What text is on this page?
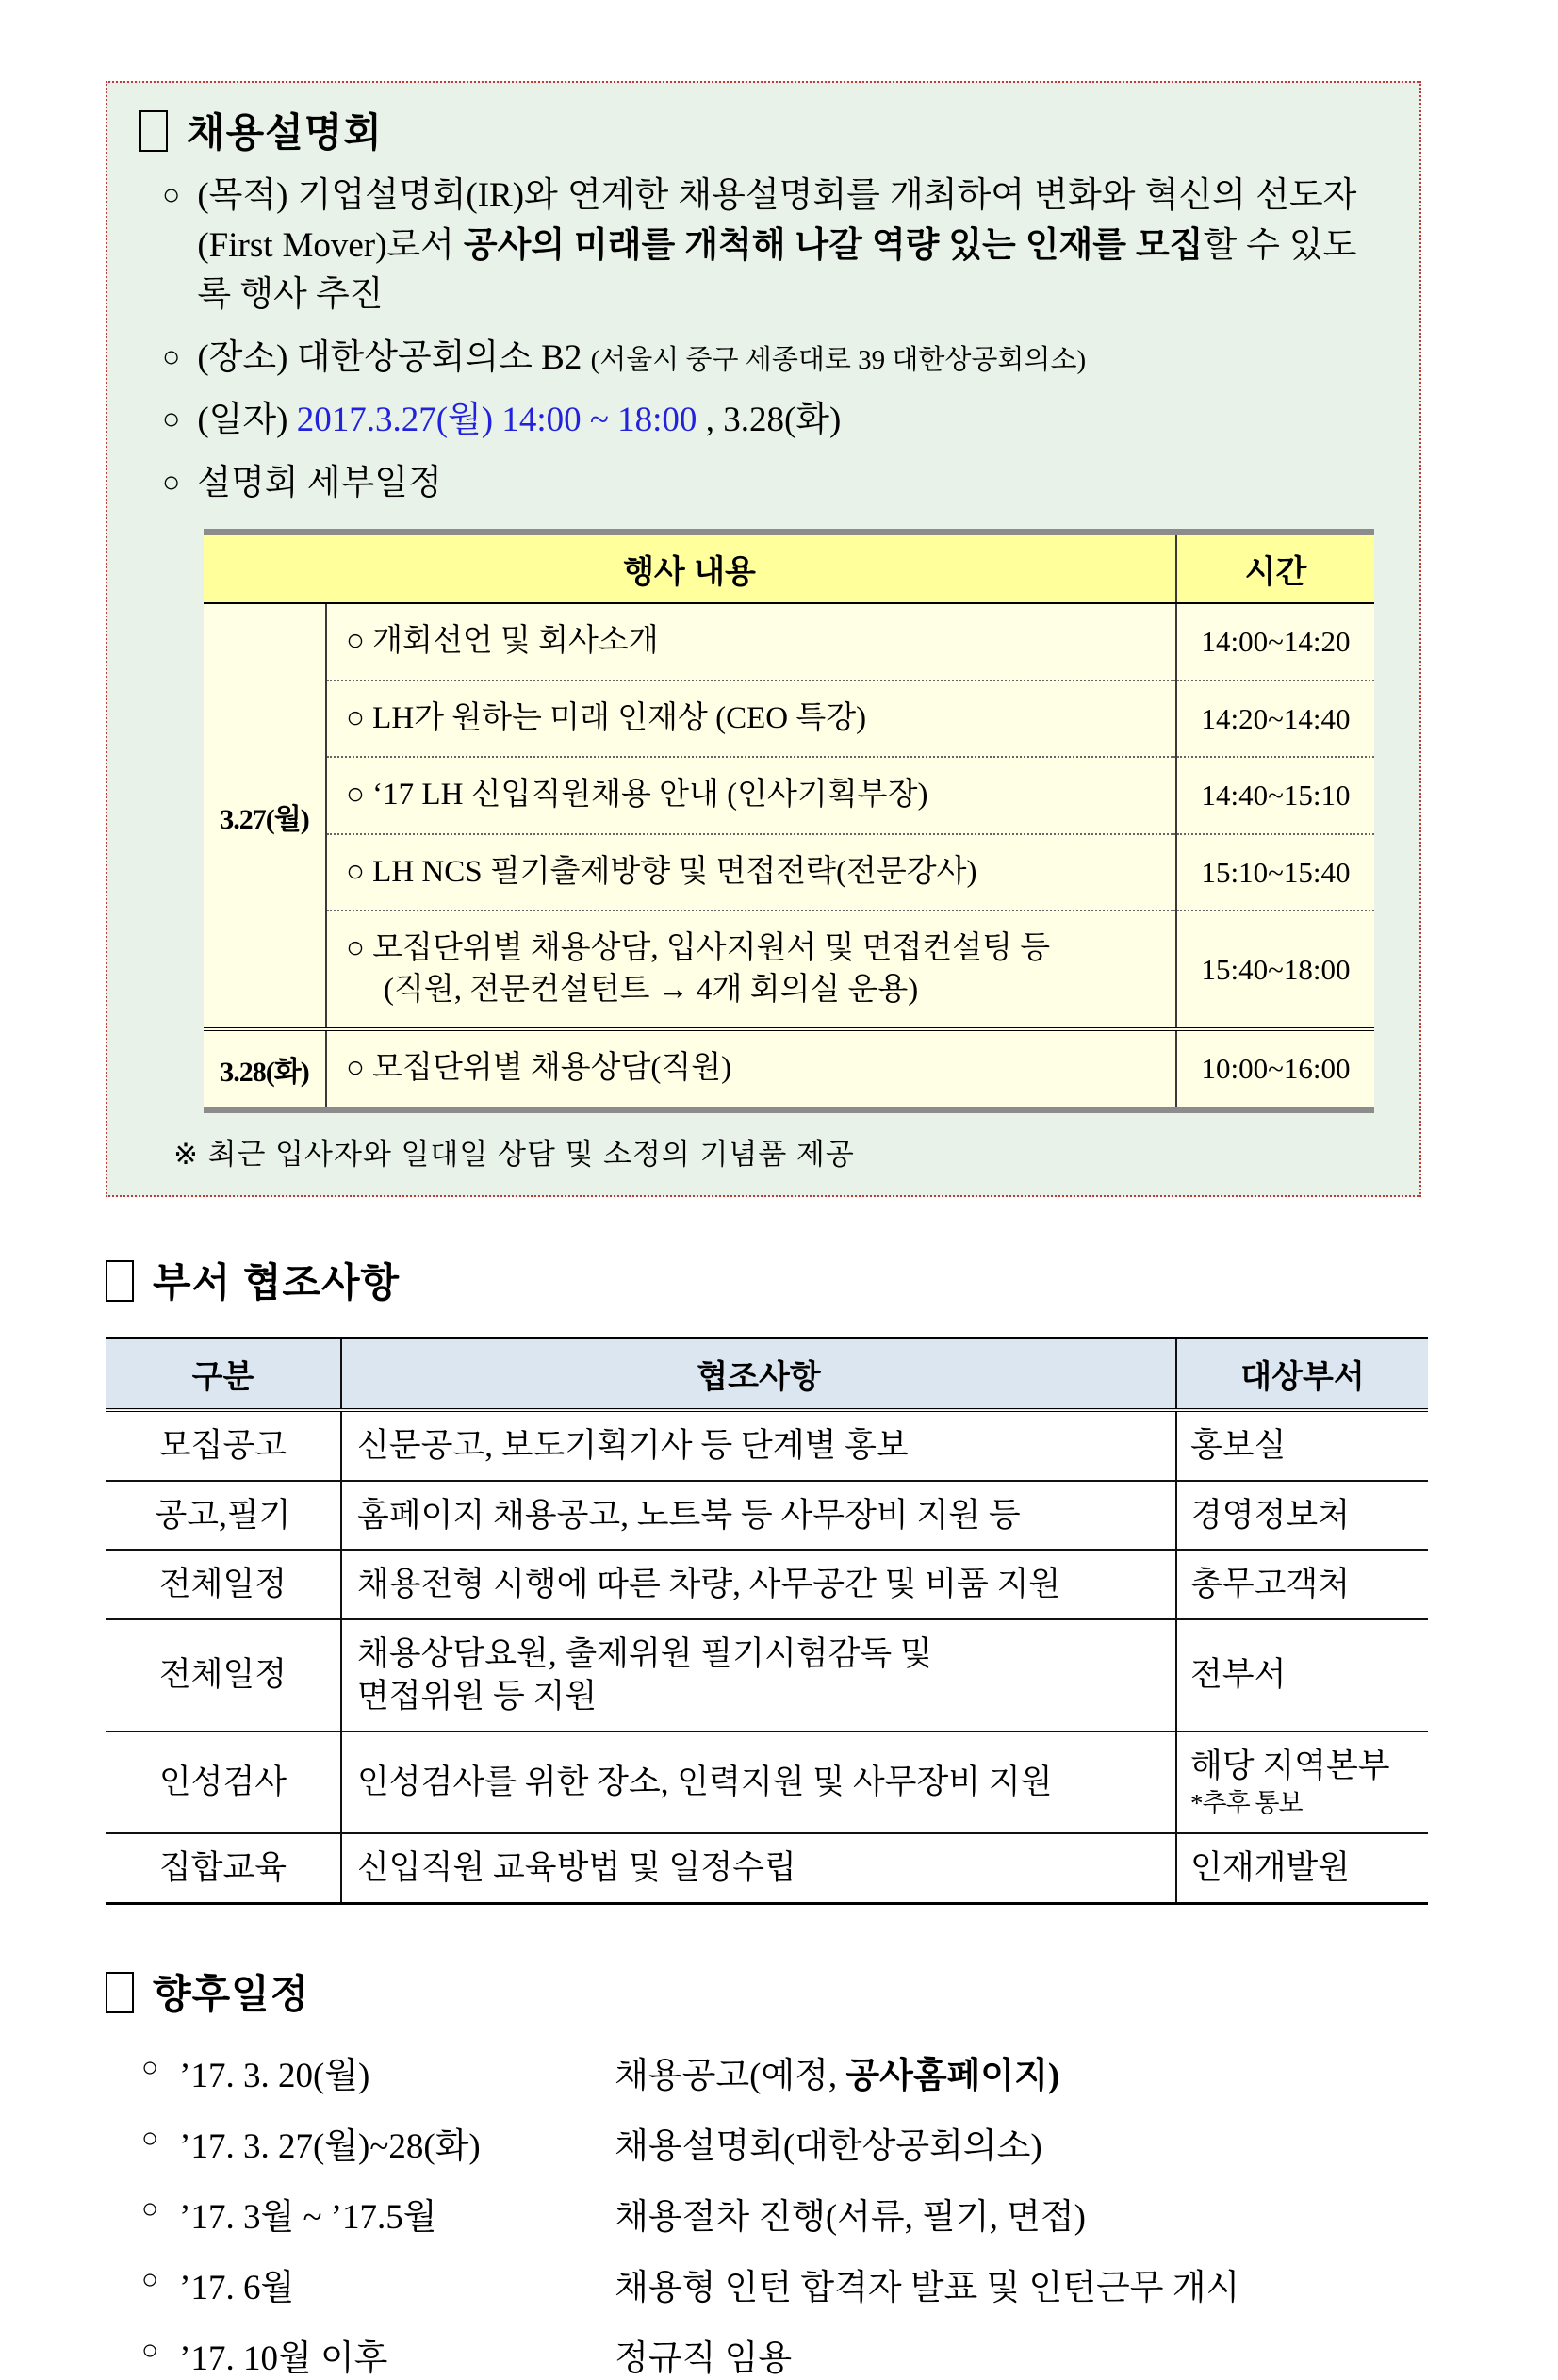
채용설명회
○ (목적) 기업설명회(IR)와 연계한 채용설명회를 개최하여 변화와 혁신의 선도자(First Mover)로서 공사의 미래를 개척해 나갈 역량 있는 인재를 모집할 수 있도록 행사 추진
○ (장소) 대한상공회의소 B2 (서울시 중구 세종대로 39 대한상공회의소)
○ (일자) 2017.3.27(월) 14:00 ~ 18:00 , 3.28(화)
○ 설명회 세부일정
행사 내용		시간
3.27(월)	○ 개회선언 및 회사소개	14:00~14:20
	○ LH가 원하는 미래 인재상 (CEO 특강)	14:20~14:40
	○ ‘17 LH 신입직원채용 안내 (인사기획부장)	14:40~15:10
	○ LH NCS 필기출제방향 및 면접전략(전문강사)	15:10~15:40

	○ 모집단위별 채용상담, 입사지원서 및 면접컨설팅 등
(직원, 전문컨설턴트 → 4개 회의실 운용)	15:40~18:00
3.28(화)	○ 모집단위별 채용상담(직원)	10:00~16:00
※ 최근 입사자와 일대일 상담 및 소정의 기념품 제공
부서 협조사항
구분	협조사항	대상부서
모집공고	신문공고, 보도기획기사 등 단계별 홍보	홍보실
공고,필기	홈페이지 채용공고, 노트북 등 사무장비 지원 등	경영정보처
전체일정	채용전형 시행에 따른 차량, 사무공간 및 비품 지원	총무고객처
전체일정	채용상담요원, 출제위원 필기시험감독 및
면접위원 등 지원	전부서
인성검사	인성검사를 위한 장소, 인력지원 및 사무장비 지원	해당 지역본부
*추후 통보

집합교육	신입직원 교육방법 및 일정수립	인재개발원
향후일정
○ ’17. 3. 20(월)	채용공고(예정, 공사홈페이지)
○ ’17. 3. 27(월)~28(화)	채용설명회(대한상공회의소)
○ ’17. 3월 ~ ’17.5월	채용절차 진행(서류, 필기, 면접)
○ ’17. 6월	채용형 인턴 합격자 발표 및 인턴근무 개시
○ ’17. 10월 이후	정규직 임용
